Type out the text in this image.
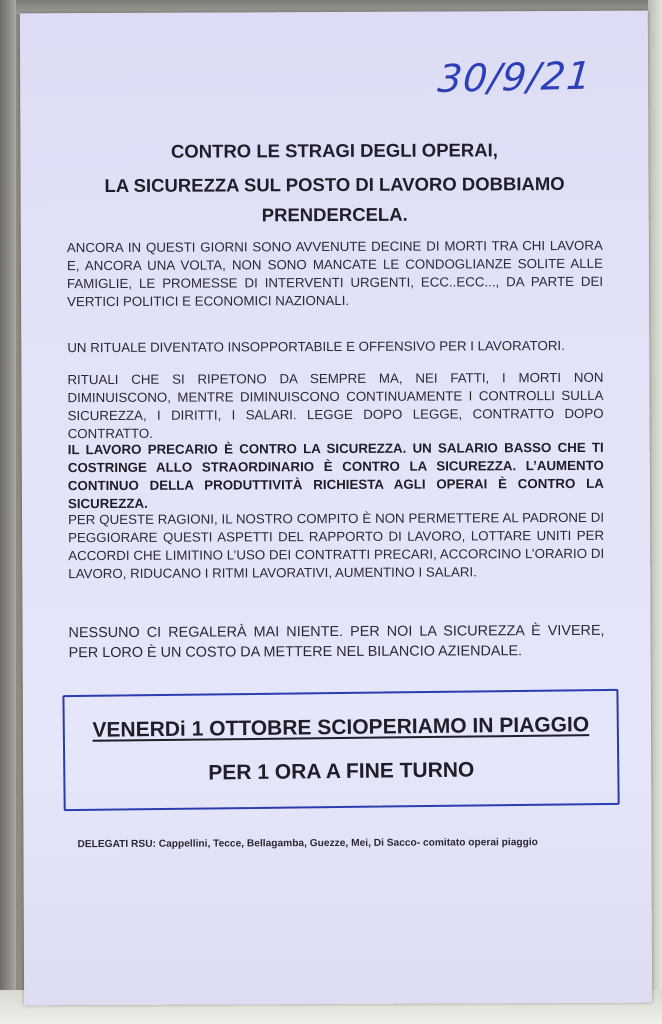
30/9/21
CONTRO LE STRAGI DEGLI OPERAI,
LA SICUREZZA SUL POSTO DI LAVORO DOBBIAMO
PRENDERCELA.
ANCORA IN QUESTI GIORNI SONO AVVENUTE DECINE DI MORTI TRA CHI LAVORA E, ANCORA UNA VOLTA, NON SONO MANCATE LE CONDOGLIANZE SOLITE ALLE FAMIGLIE, LE PROMESSE DI INTERVENTI URGENTI, ECC..ECC..., DA PARTE DEI VERTICI POLITICI E ECONOMICI NAZIONALI.
UN RITUALE DIVENTATO INSOPPORTABILE E OFFENSIVO PER I LAVORATORI.
RITUALI CHE SI RIPETONO DA SEMPRE MA, NEI FATTI, I MORTI NON DIMINUISCONO, MENTRE DIMINUISCONO CONTINUAMENTE I CONTROLLI SULLA SICUREZZA, I DIRITTI, I SALARI. LEGGE DOPO LEGGE, CONTRATTO DOPO CONTRATTO.
IL LAVORO PRECARIO È CONTRO LA SICUREZZA. UN SALARIO BASSO CHE TI COSTRINGE ALLO STRAORDINARIO È CONTRO LA SICUREZZA. L’AUMENTO CONTINUO DELLA PRODUTTIVITÀ RICHIESTA AGLI OPERAI È CONTRO LA SICUREZZA.
PER QUESTE RAGIONI, IL NOSTRO COMPITO È NON PERMETTERE AL PADRONE DI PEGGIORARE QUESTI ASPETTI DEL RAPPORTO DI LAVORO, LOTTARE UNITI PER ACCORDI CHE LIMITINO L’USO DEI CONTRATTI PRECARI, ACCORCINO L’ORARIO DI LAVORO, RIDUCANO I RITMI LAVORATIVI, AUMENTINO I SALARI.
NESSUNO CI REGALERÀ MAI NIENTE. PER NOI LA SICUREZZA È VIVERE, PER LORO È UN COSTO DA METTERE NEL BILANCIO AZIENDALE.
VENERDi 1 OTTOBRE SCIOPERIAMO IN PIAGGIO
PER 1 ORA A FINE TURNO
DELEGATI RSU: Cappellini, Tecce, Bellagamba, Guezze, Mei, Di Sacco- comitato operai piaggio
